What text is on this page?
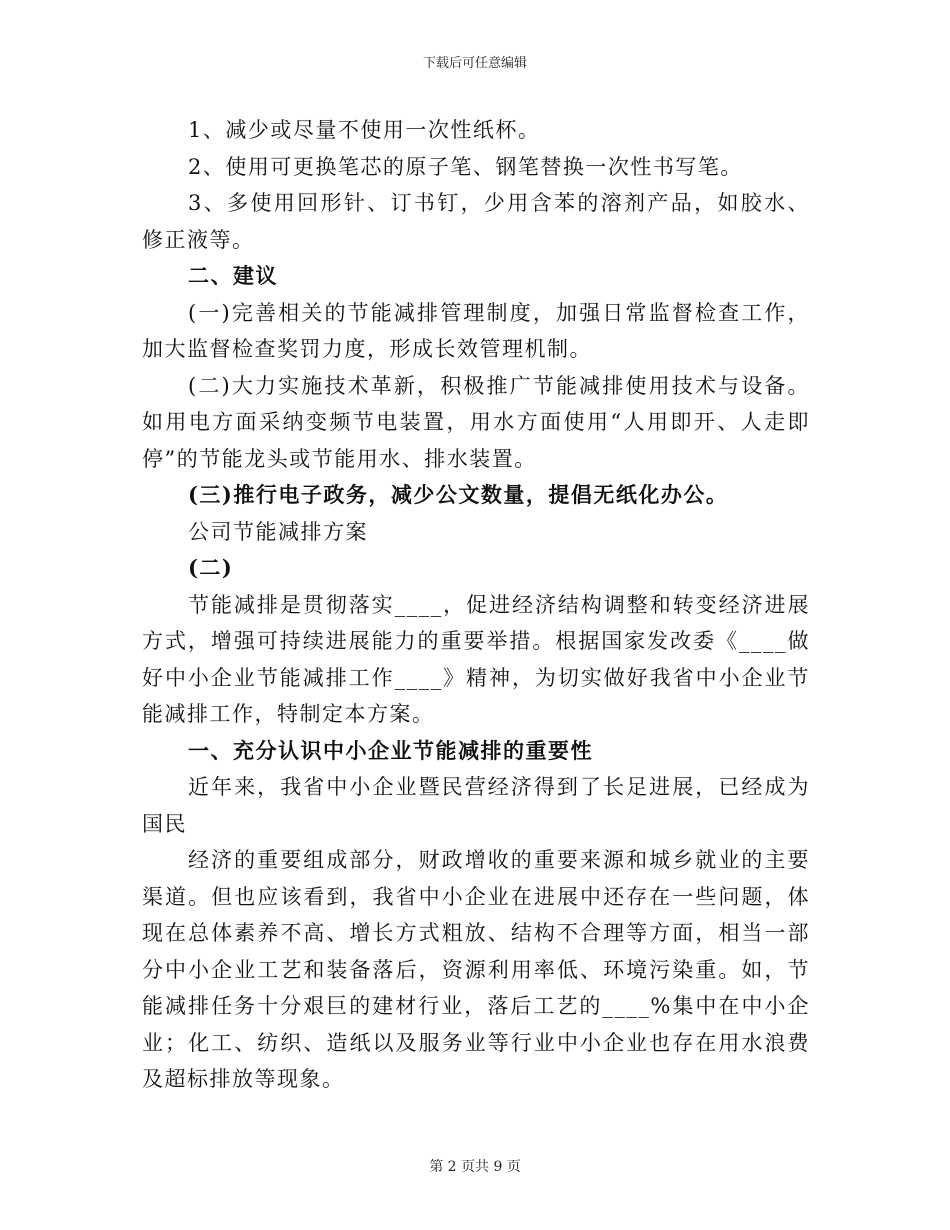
下载后可任意编辑

1、减少或尽量不使用一次性纸杯。

2、使用可更换笔芯的原子笔、钢笔替换一次性书写笔。

3、多使用回形针、订书钉，少用含苯的溶剂产品，如胶水、修正液等。

二、建议

(一)完善相关的节能减排管理制度，加强日常监督检查工作，加大监督检查奖罚力度，形成长效管理机制。

(二)大力实施技术革新，积极推广节能减排使用技术与设备。如用电方面采纳变频节电装置，用水方面使用“人用即开、人走即停”的节能龙头或节能用水、排水装置。

(三)推行电子政务，减少公文数量，提倡无纸化办公。

公司节能减排方案

(二)

节能减排是贯彻落实____，促进经济结构调整和转变经济进展方式，增强可持续进展能力的重要举措。根据国家发改委《____做好中小企业节能减排工作____》精神，为切实做好我省中小企业节能减排工作，特制定本方案。

一、充分认识中小企业节能减排的重要性

近年来，我省中小企业暨民营经济得到了长足进展，已经成为国民

经济的重要组成部分，财政增收的重要来源和城乡就业的主要渠道。但也应该看到，我省中小企业在进展中还存在一些问题，体现在总体素养不高、增长方式粗放、结构不合理等方面，相当一部分中小企业工艺和装备落后，资源利用率低、环境污染重。如，节能减排任务十分艰巨的建材行业，落后工艺的____%集中在中小企业；化工、纺织、造纸以及服务业等行业中小企业也存在用水浪费及超标排放等现象。

第 2 页共 9 页
